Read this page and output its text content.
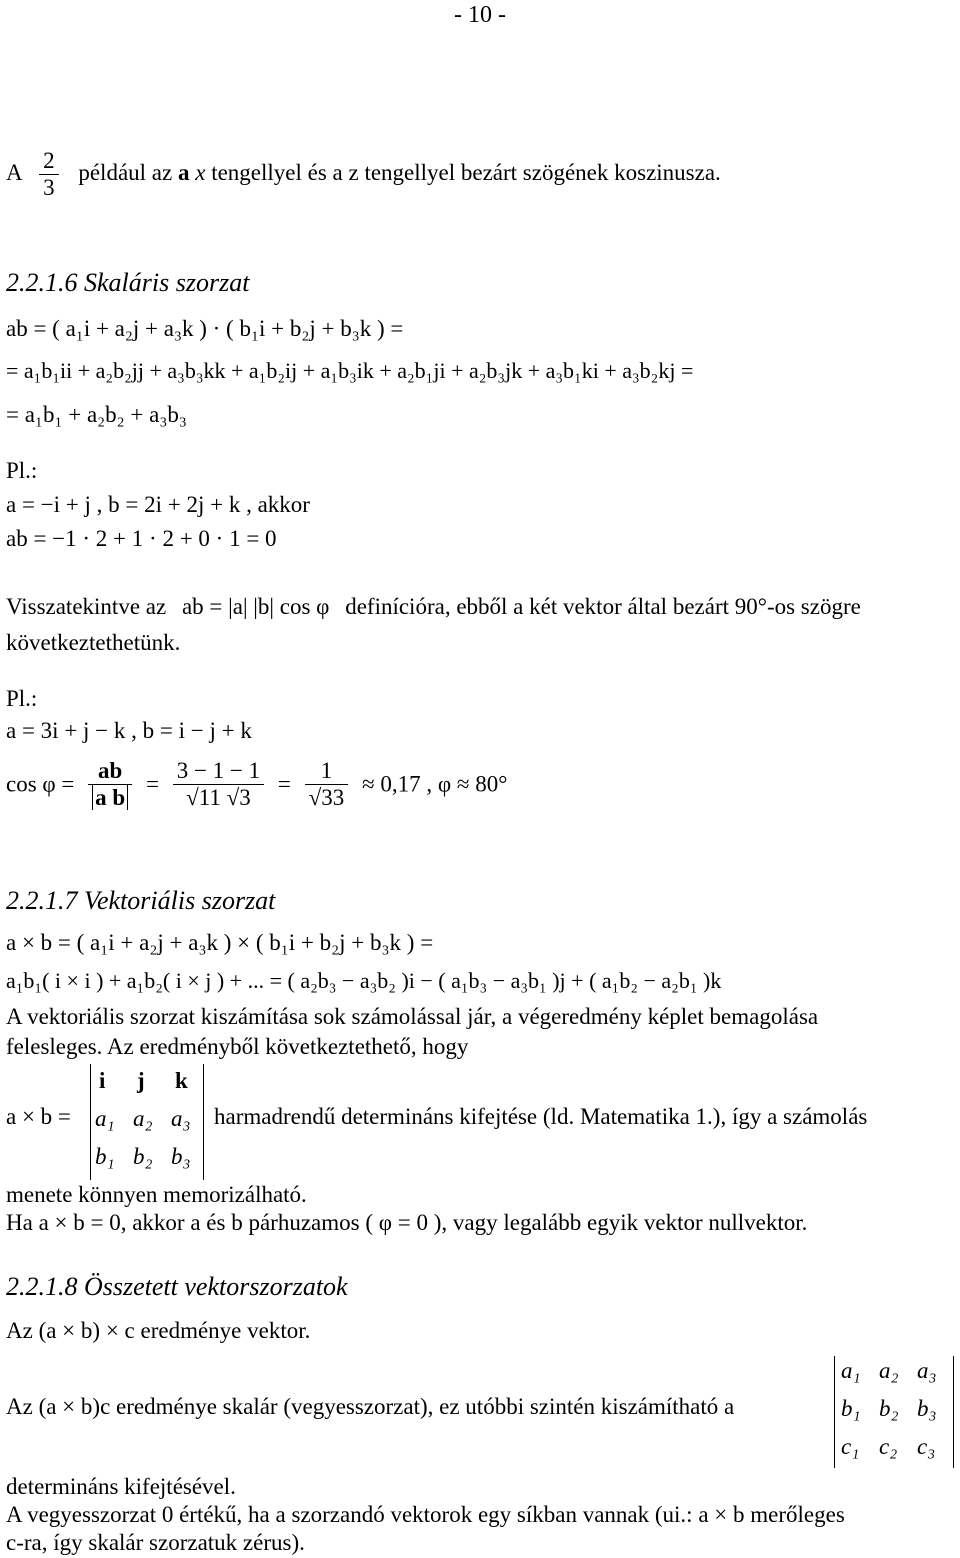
- 10 -
A $\frac{2}{3}$ például az a x tengellyel és a z tengellyel bezárt szögének koszinusza.
2.2.1.6 Skaláris szorzat
ab = ( a₁i + a₂j + a₃k ) · ( b₁i + b₂j + b₃k ) =
= a₁b₁ii + a₂b₂jj + a₃b₃kk + a₁b₂ij + a₁b₃ik + a₂b₁ji + a₂b₃jk + a₃b₁ki + a₃b₂kj =
= a₁b₁ + a₂b₂ + a₃b₃
Pl.:
a = −i + j , b = 2i + 2j + k , akkor
ab = −1 · 2 + 1 · 2 + 0 · 1 = 0
Visszatekintve az ab = |a| |b| cos φ definícióra, ebből a két vektor által bezárt 90°-os szögre
következtethetünk.
Pl.:
a = 3i + j − k , b = i − j + k
$\cos \varphi = \frac{ab}{\text{a b}} = \frac{3 - 1 - 1}{√11 √3} = \frac{1}{√33} \approx 0,17$ , φ ≈ 80°
2.2.1.7 Vektoriális szorzat
a × b = ( a₁i + a₂j + a₃k ) × ( b₁i + b₂j + b₃k ) =
a₁b₁( i × i ) + a₁b₂( i × j ) + ... = ( a₂b₃ − a₃b₂ )i − ( a₁b₃ − a₃b₁ )j + ( a₁b₂ − a₂b₁ )k
A vektoriális szorzat kiszámítása sok számolással jár, a végeredmény képlet bemagolása
felesleges. Az eredményből következtethető, hogy
a × b =
i j k
a₁ a₂ a₃
b₁ b₂ b₃
harmadrendű determináns kifejtése (ld. Matematika 1.), így a számolás
menete könnyen memorizálható.
Ha a × b = 0, akkor a és b párhuzamos ( φ = 0 ), vagy legalább egyik vektor nullvektor.
2.2.1.8 Összetett vektorszorzatok
Az (a × b) × c eredménye vektor.
Az (a × b)c eredménye skalár (vegyesszorzat), ez utóbbi szintén kiszámítható a
a₁ a₂ a₃
b₁ b₂ b₃
c₁ c₂ c₃
determináns kifejtésével.
A vegyesszorzat 0 értékű, ha a szorzandó vektorok egy síkban vannak (ui.: a × b merőleges
c-ra, így skalár szorzatuk zérus).
